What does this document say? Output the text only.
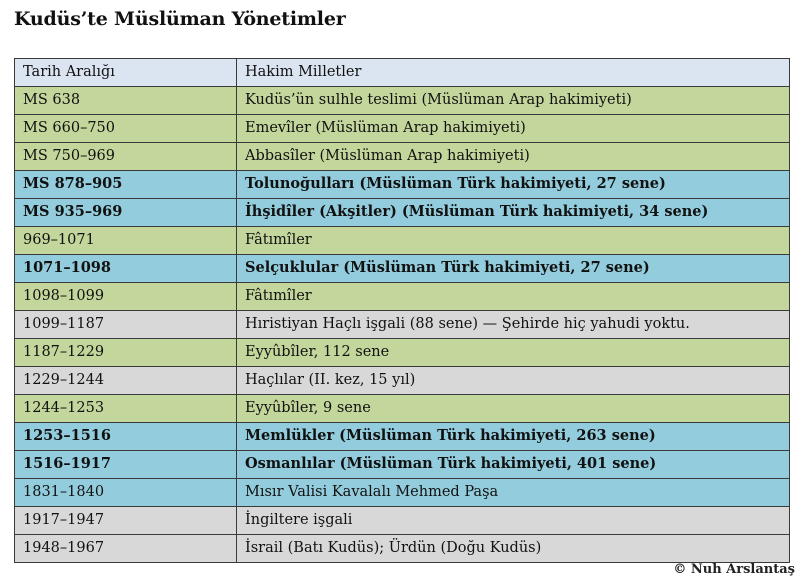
Kudüs’te Müslüman Yönetimler
Tarih Aralığı	Hakim Milletler
MS 638	Kudüs’ün sulhle teslimi (Müslüman Arap hakimiyeti)
MS 660–750	Emevîler (Müslüman Arap hakimiyeti)
MS 750–969	Abbasîler (Müslüman Arap hakimiyeti)
MS 878–905	Tolunoğulları (Müslüman Türk hakimiyeti, 27 sene)
MS 935–969	İhşidîler (Akşitler) (Müslüman Türk hakimiyeti, 34 sene)
969–1071	Fâtımîler
1071–1098	Selçuklular (Müslüman Türk hakimiyeti, 27 sene)
1098–1099	Fâtımîler
1099–1187	Hıristiyan Haçlı işgali (88 sene) — Şehirde hiç yahudi yoktu.
1187–1229	Eyyûbîler, 112 sene
1229–1244	Haçlılar (II. kez, 15 yıl)
1244–1253	Eyyûbîler, 9 sene
1253–1516	Memlükler (Müslüman Türk hakimiyeti, 263 sene)
1516–1917	Osmanlılar (Müslüman Türk hakimiyeti, 401 sene)
1831–1840	Mısır Valisi Kavalalı Mehmed Paşa
1917–1947	İngiltere işgali
1948–1967	İsrail (Batı Kudüs); Ürdün (Doğu Kudüs)
© Nuh Arslantaş
